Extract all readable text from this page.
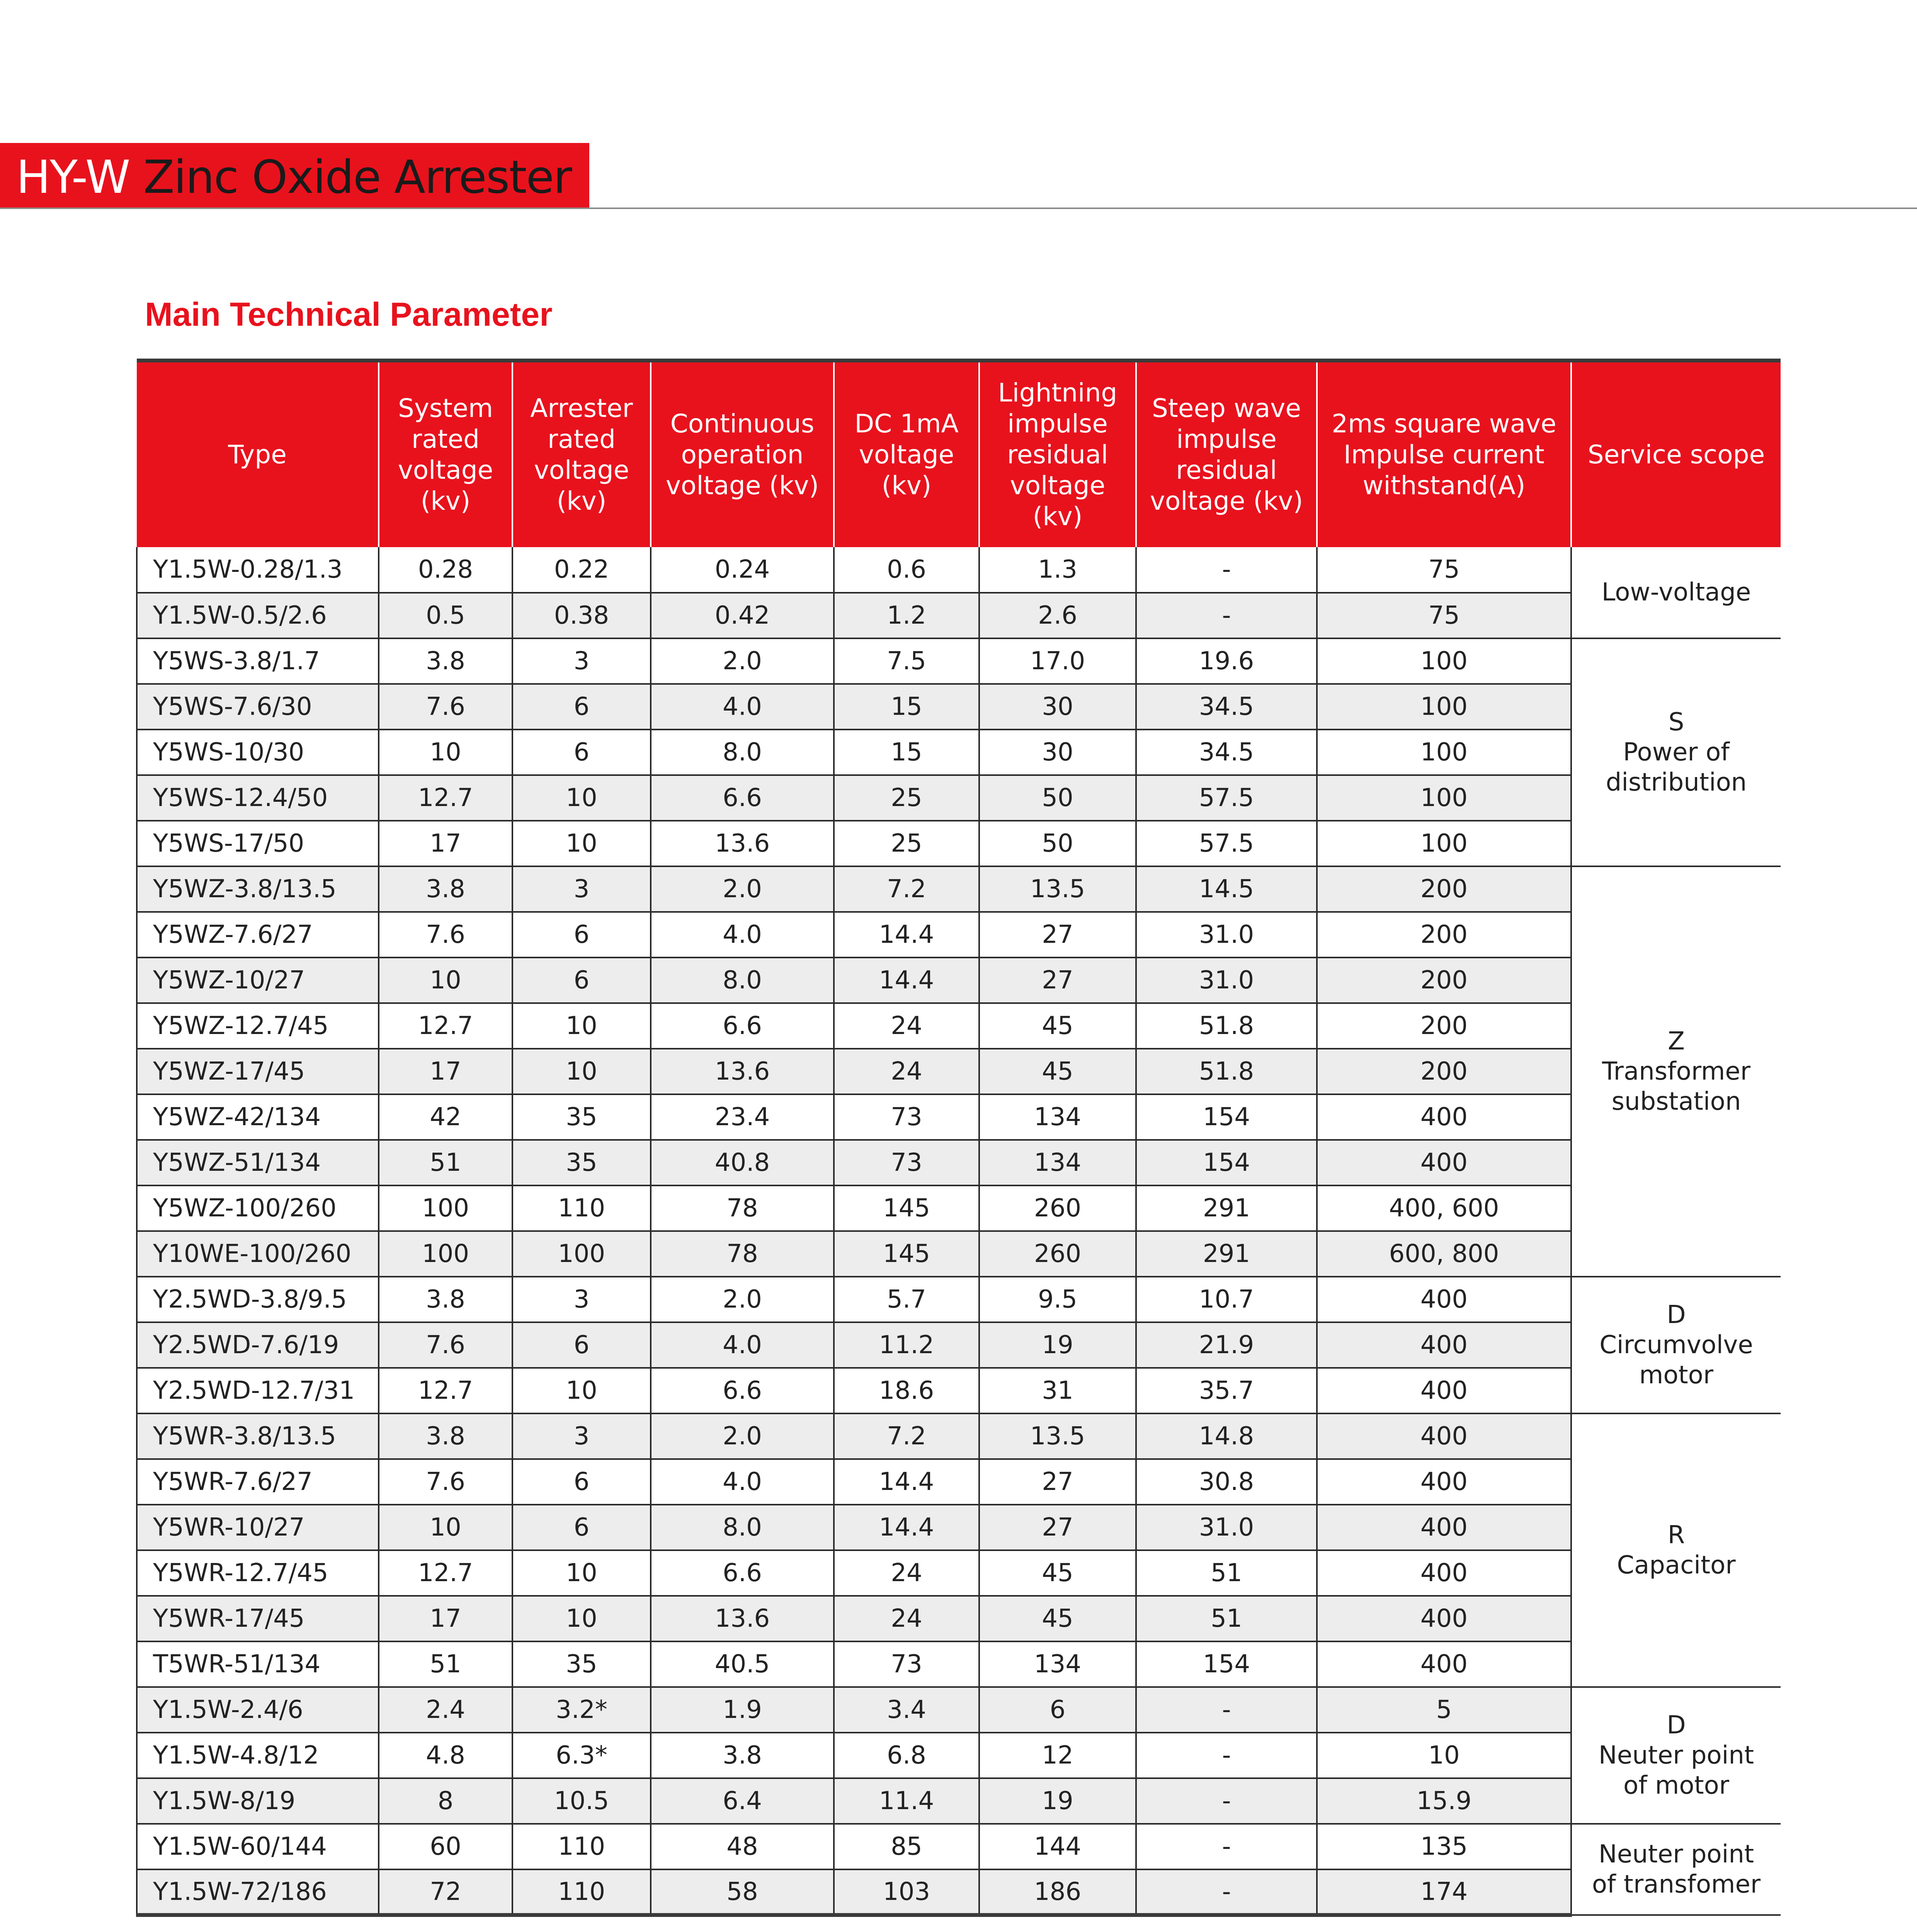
HY-W Zinc Oxide Arrester
Main Technical Parameter
Type	System rated voltage (kv)	Arrester rated voltage (kv)	Continuous operation voltage (kv)	DC 1mA voltage (kv)	Lightning impulse residual voltage (kv)	Steep wave impulse residual voltage (kv)	2ms square wave Impulse current withstand(A)	Service scope
Y1.5W-0.28/1.3	0.28	0.22	0.24	0.6	1.3	-	75	Low-voltage

Y1.5W-0.5/2.6	0.5	0.38	0.42	1.2	2.6	-	75	
Y5WS-3.8/1.7	3.8	3	2.0	7.5	17.0	19.6	100	S
Power of
distribution

Y5WS-7.6/30	7.6	6	4.0	15	30	34.5	100	
Y5WS-10/30	10	6	8.0	15	30	34.5	100	
Y5WS-12.4/50	12.7	10	6.6	25	50	57.5	100	
Y5WS-17/50	17	10	13.6	25	50	57.5	100	
Y5WZ-3.8/13.5	3.8	3	2.0	7.2	13.5	14.5	200	Z
Transformer
substation

Y5WZ-7.6/27	7.6	6	4.0	14.4	27	31.0	200	
Y5WZ-10/27	10	6	8.0	14.4	27	31.0	200	
Y5WZ-12.7/45	12.7	10	6.6	24	45	51.8	200	
Y5WZ-17/45	17	10	13.6	24	45	51.8	200	
Y5WZ-42/134	42	35	23.4	73	134	154	400	
Y5WZ-51/134	51	35	40.8	73	134	154	400	
Y5WZ-100/260	100	110	78	145	260	291	400, 600	
Y10WE-100/260	100	100	78	145	260	291	600, 800	
Y2.5WD-3.8/9.5	3.8	3	2.0	5.7	9.5	10.7	400	D
Circumvolve
motor

Y2.5WD-7.6/19	7.6	6	4.0	11.2	19	21.9	400	
Y2.5WD-12.7/31	12.7	10	6.6	18.6	31	35.7	400	
Y5WR-3.8/13.5	3.8	3	2.0	7.2	13.5	14.8	400	R
Capacitor

Y5WR-7.6/27	7.6	6	4.0	14.4	27	30.8	400	
Y5WR-10/27	10	6	8.0	14.4	27	31.0	400	
Y5WR-12.7/45	12.7	10	6.6	24	45	51	400	
Y5WR-17/45	17	10	13.6	24	45	51	400	
T5WR-51/134	51	35	40.5	73	134	154	400	
Y1.5W-2.4/6	2.4	3.2*	1.9	3.4	6	-	5	D
Neuter point
of motor

Y1.5W-4.8/12	4.8	6.3*	3.8	6.8	12	-	10	
Y1.5W-8/19	8	10.5	6.4	11.4	19	-	15.9	
Y1.5W-60/144	60	110	48	85	144	-	135	Neuter point
of transfomer

Y1.5W-72/186	72	110	58	103	186	-	174	
